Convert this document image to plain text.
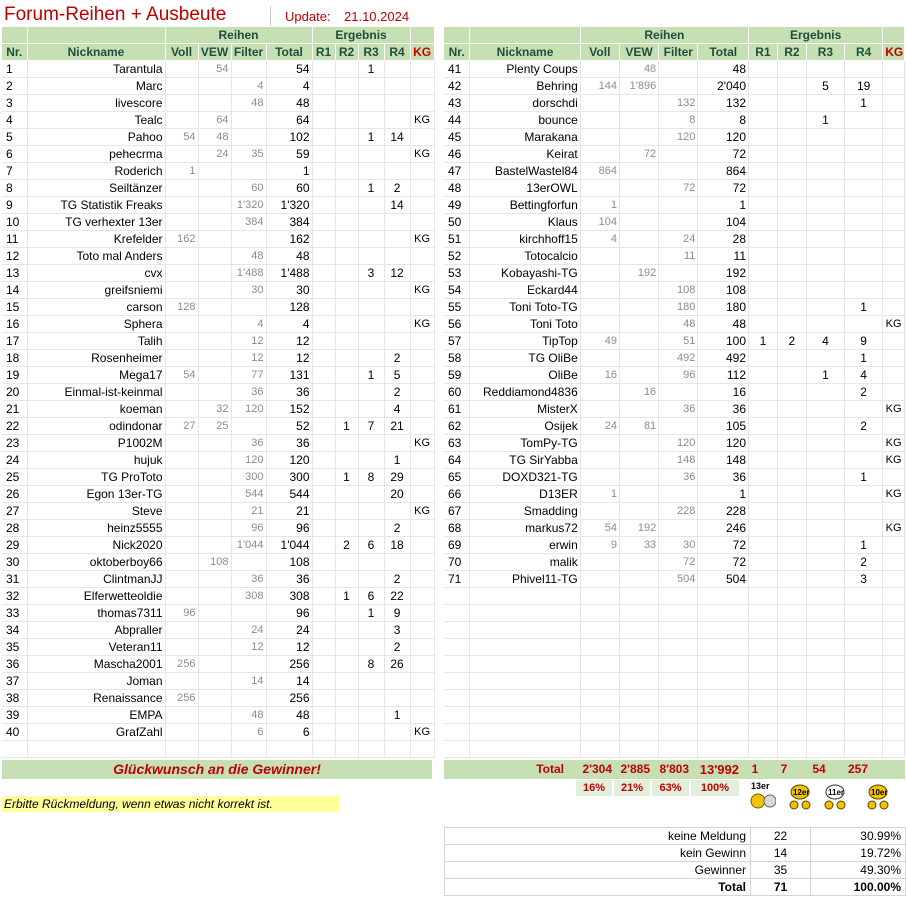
Forum-Reihen + Ausbeute	Update: 21.10.2024
		Reihen				Ergebnis				
Nr.	Nickname	Voll	VEW	Filter	Total	R1	R2	R3	R4	KG
1	Tarantula		54		54			1		
2	Marc			4	4					
3	livescore			48	48					
4	Tealc		64		64					KG
5	Pahoo	54	48		102			1	14	
6	pehecrma		24	35	59					KG
7	Roderich	1			1					
8	Seiltänzer			60	60			1	2	
9	TG Statistik Freaks			1'320	1'320				14	
10	TG verhexter 13er			384	384					
11	Krefelder	162			162					KG
12	Toto mal Anders			48	48					
13	cvx			1'488	1'488			3	12	
14	greifsniemi			30	30					KG
15	carson	128			128					
16	Sphera			4	4					KG
17	Talih			12	12					
18	Rosenheimer			12	12				2	
19	Mega17	54		77	131			1	5	
20	Einmal-ist-keinmal			36	36				2	
21	koeman		32	120	152				4	
22	odindonar	27	25		52		1	7	21	
23	P1002M			36	36					KG
24	hujuk			120	120				1	
25	TG ProToto			300	300		1	8	29	
26	Egon 13er-TG			544	544				20	
27	Steve			21	21					KG
28	heinz5555			96	96				2	
29	Nick2020			1'044	1'044		2	6	18	
30	oktoberboy66		108		108					
31	ClintmanJJ			36	36				2	
32	Elferwetteoldie			308	308		1	6	22	
33	thomas7311	96			96			1	9	
34	Abpraller			24	24				3	
35	Veteran11			12	12				2	
36	Mascha2001	256			256			8	26	
37	Joman			14	14					
38	Renaissance	256			256					
39	EMPA			48	48				1	
40	GrafZahl			6	6					KG

		Reihen				Ergebnis				
Nr.	Nickname	Voll	VEW	Filter	Total	R1	R2	R3	R4	KG
41	Plenty Coups		48		48					
42	Behring	144	1'896		2'040			5	19	
43	dorschdi			132	132				1	
44	bounce			8	8			1		
45	Marakana			120	120					
46	Keirat		72		72					
47	BastelWastel84	864			864					
48	13erOWL			72	72					
49	Bettingforfun	1			1					
50	Klaus	104			104					
51	kirchhoff15	4		24	28					
52	Totocalcio			11	11					
53	Kobayashi-TG		192		192					
54	Eckard44			108	108					
55	Toni Toto-TG			180	180				1	
56	Toni Toto			48	48					KG
57	TipTop	49		51	100	1	2	4	9	
58	TG OliBe			492	492				1	
59	OliBe	16		96	112			1	4	
60	Reddiamond4836		16		16				2	
61	MisterX			36	36					KG
62	Osijek	24	81		105				2	
63	TomPy-TG			120	120					KG
64	TG SirYabba			148	148					KG
65	DOXD321-TG			36	36				1	
66	D13ER	1			1					KG
67	Smadding			228	228					
68	markus72	54	192		246					KG
69	erwin	9	33	30	72				1	
70	malik			72	72				2	
71	Phivel11-TG			504	504				3	

Glückwunsch an die Gewinner!
Erbitte Rückmeldung, wenn etwas nicht korrekt ist.
Total	2'304 2'885 8'803 13'992	1	7	54	257
16%	21%	63%	100%	13er
12er 11er	10er
keine Meldung	22	30.99%
kein Gewinn	14	19.72%
Gewinner	35	49.30%
Total	71	100.00%
